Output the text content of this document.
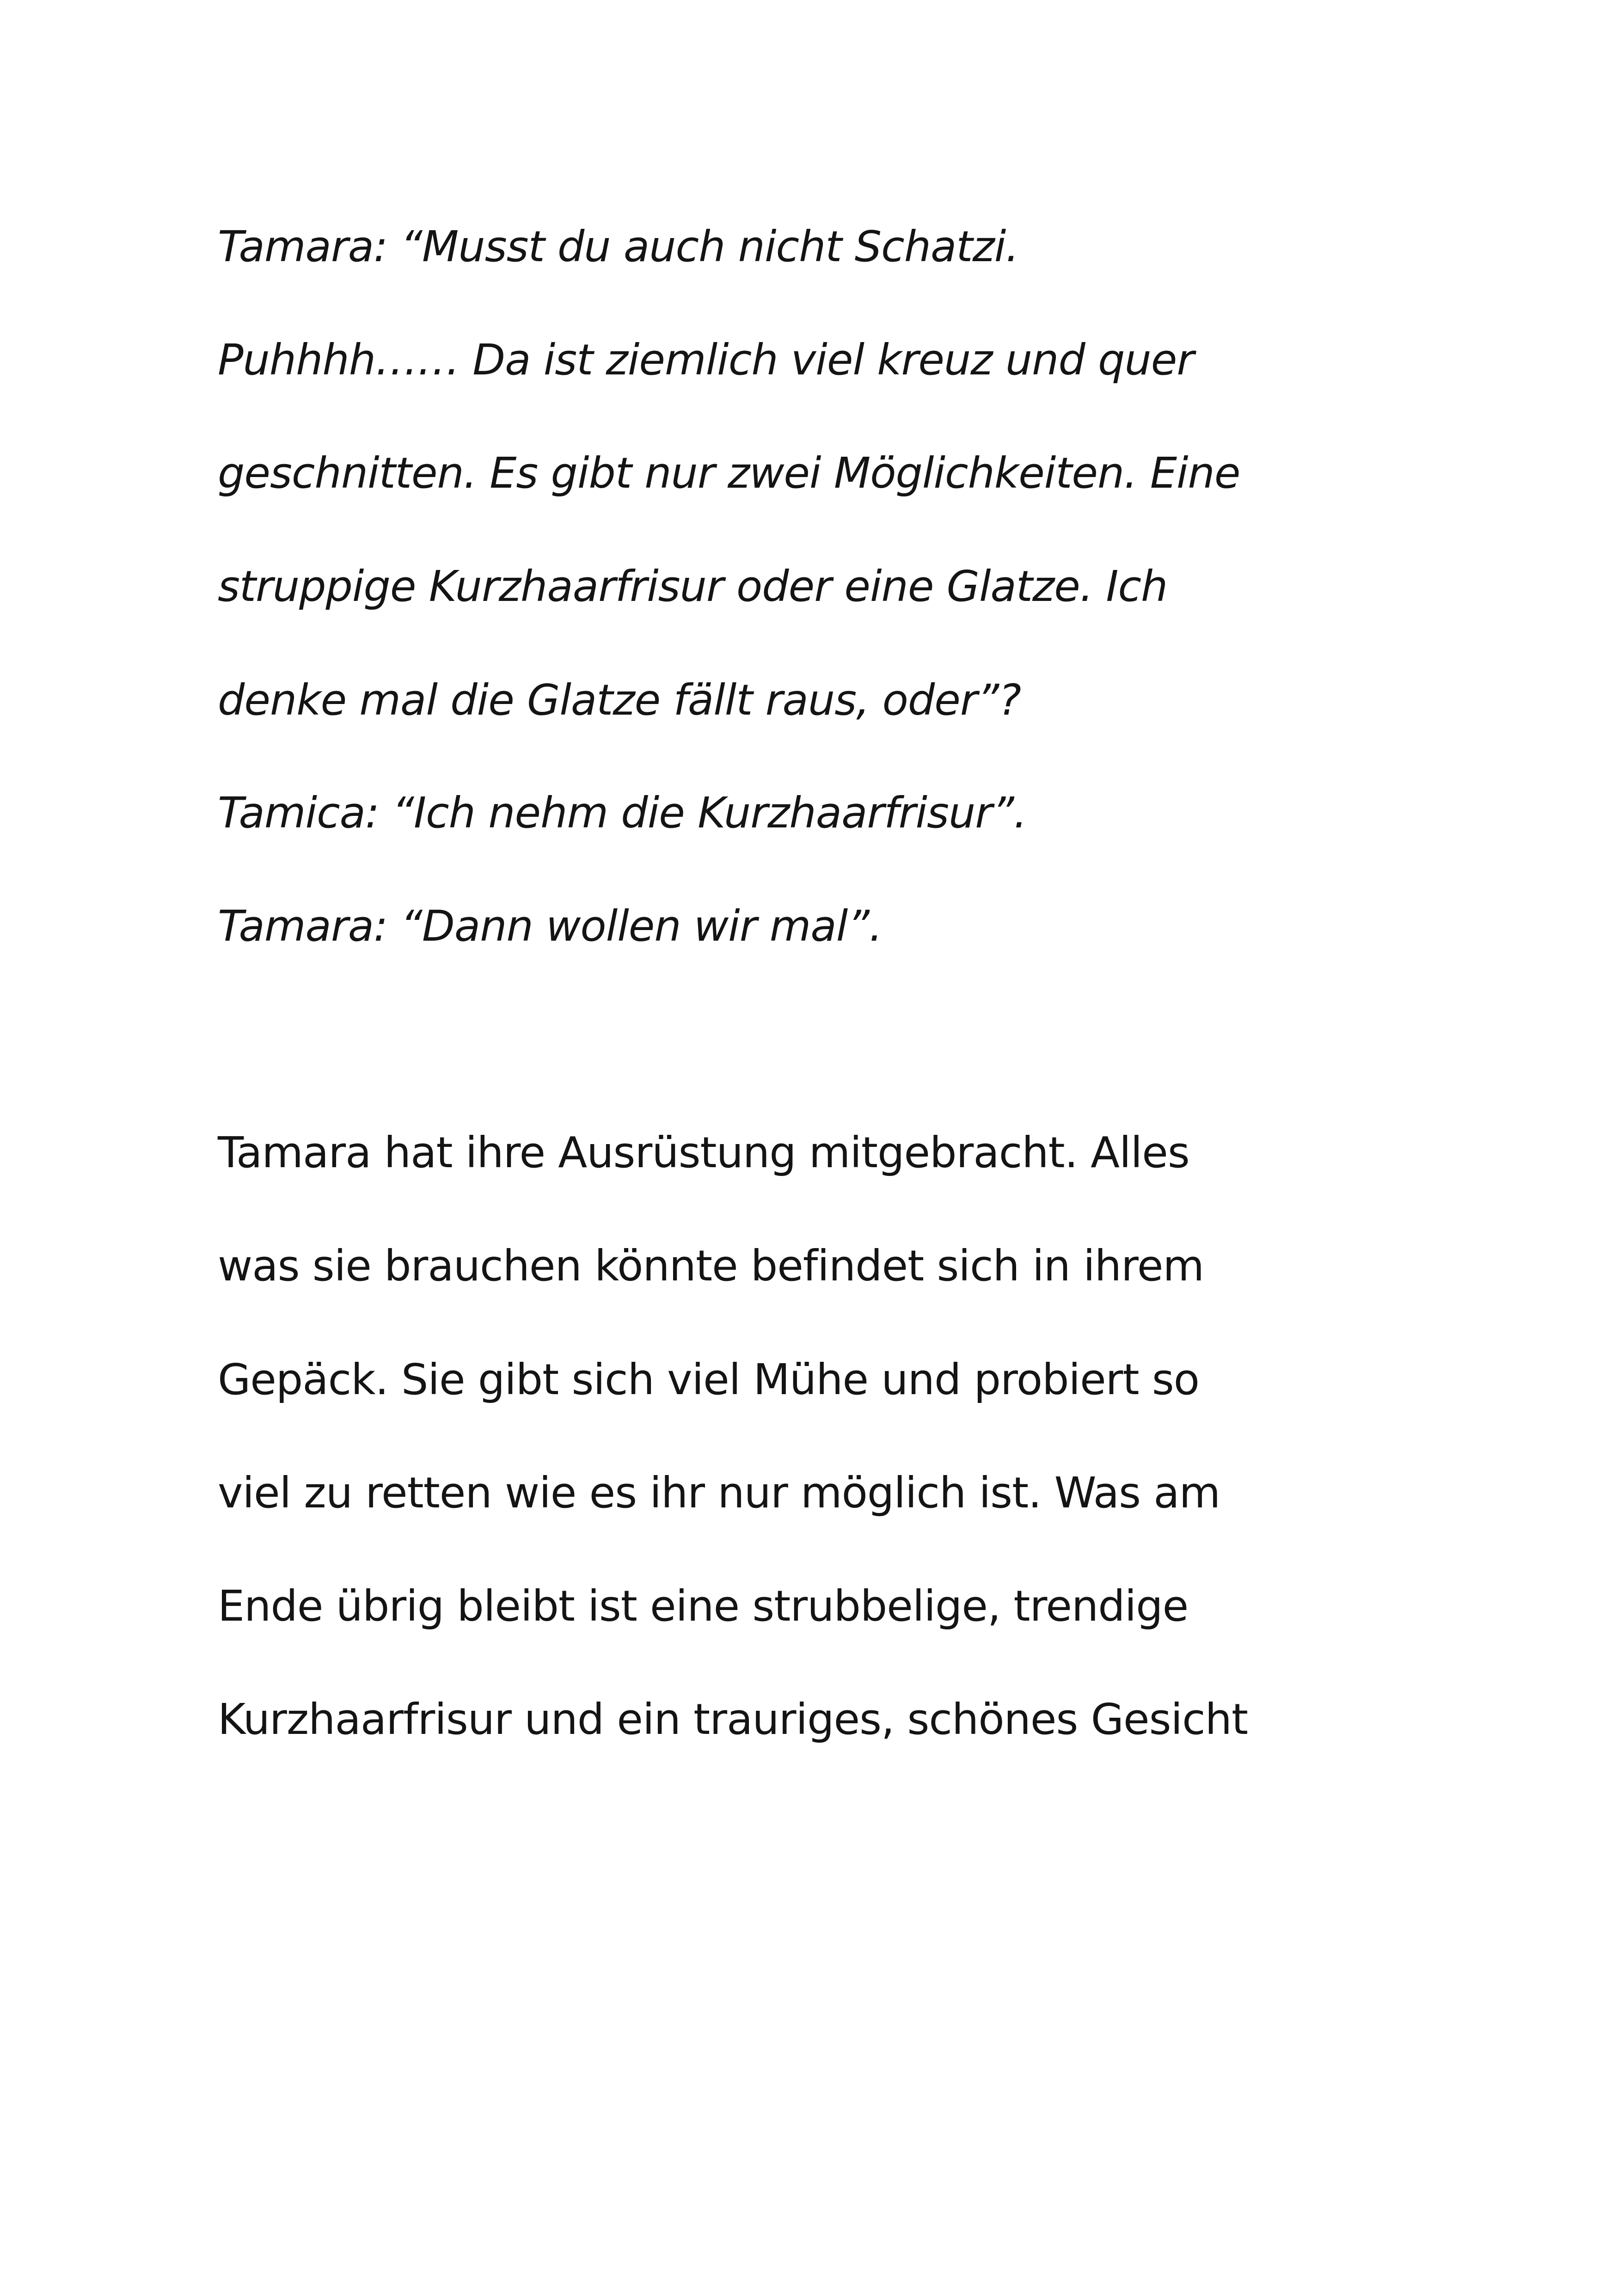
Tamara: “Musst du auch nicht Schatzi.

Puhhhh…… Da ist ziemlich viel kreuz und quer

geschnitten. Es gibt nur zwei Möglichkeiten. Eine

struppige Kurzhaarfrisur oder eine Glatze. Ich

denke mal die Glatze fällt raus, oder”?

Tamica: “Ich nehm die Kurzhaarfrisur”.

Tamara: “Dann wollen wir mal”.

Tamara hat ihre Ausrüstung mitgebracht. Alles

was sie brauchen könnte befindet sich in ihrem

Gepäck. Sie gibt sich viel Mühe und probiert so

viel zu retten wie es ihr nur möglich ist. Was am

Ende übrig bleibt ist eine strubbelige, trendige

Kurzhaarfrisur und ein trauriges, schönes Gesicht
